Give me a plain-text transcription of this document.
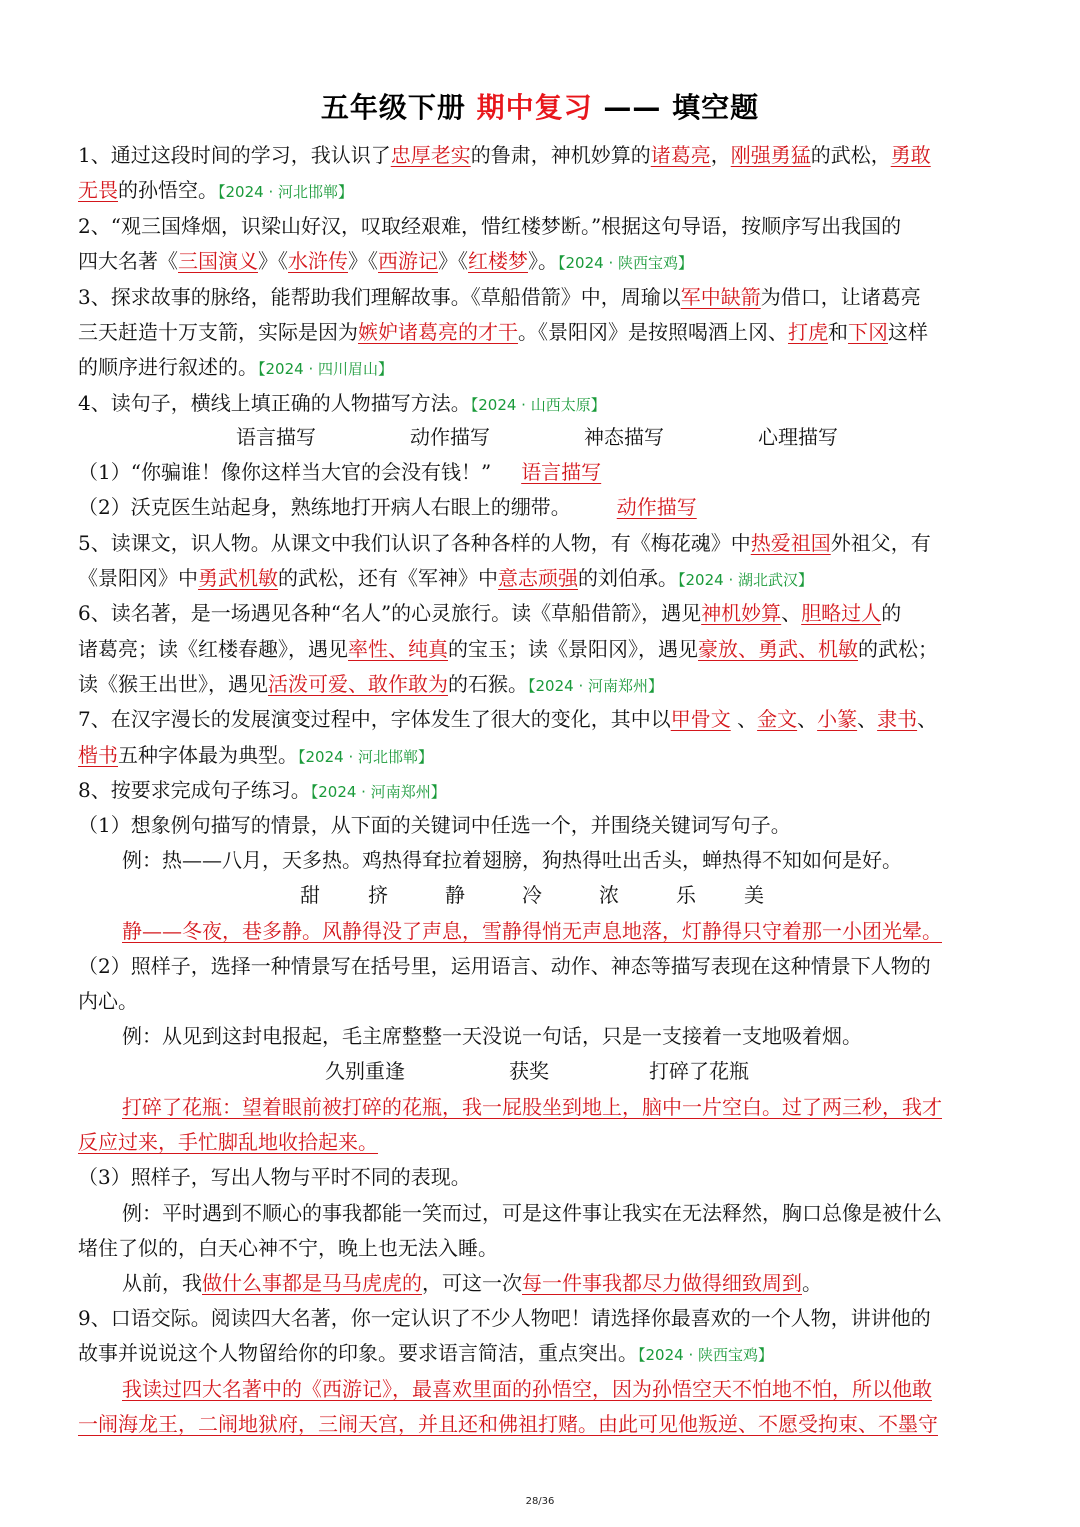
五年级下册 期中复习 —— 填空题
1、通过这段时间的学习，我认识了忠厚老实的鲁肃，神机妙算的诸葛亮，刚强勇猛的武松，勇敢
无畏的孙悟空。【2024 · 河北邯郸】
2、“观三国烽烟，识梁山好汉，叹取经艰难，惜红楼梦断。”根据这句导语，按顺序写出我国的
四大名著《三国演义》《水浒传》《西游记》《红楼梦》。【2024 · 陕西宝鸡】
3、探求故事的脉络，能帮助我们理解故事。《草船借箭》中，周瑜以军中缺箭为借口，让诸葛亮
三天赶造十万支箭，实际是因为嫉妒诸葛亮的才干。《景阳冈》是按照喝酒上冈、打虎和下冈这样
的顺序进行叙述的。【2024 · 四川眉山】
4、读句子，横线上填正确的人物描写方法。【2024 · 山西太原】
语言描写	动作描写	神态描写	心理描写
（1）“你骗谁！像你这样当大官的会没有钱！” 语言描写
（2）沃克医生站起身，熟练地打开病人右眼上的绷带。 动作描写
5、读课文，识人物。从课文中我们认识了各种各样的人物，有《梅花魂》中热爱祖国外祖父，有
《景阳冈》中勇武机敏的武松，还有《军神》中意志顽强的刘伯承。【2024 · 湖北武汉】
6、读名著，是一场遇见各种“名人”的心灵旅行。读《草船借箭》，遇见神机妙算、胆略过人的
诸葛亮；读《红楼春趣》，遇见率性、纯真的宝玉；读《景阳冈》，遇见豪放、勇武、机敏的武松；
读《猴王出世》，遇见活泼可爱、敢作敢为的石猴。【2024 · 河南郑州】
7、在汉字漫长的发展演变过程中，字体发生了很大的变化，其中以甲骨文 、金文、小篆、隶书、
楷书五种字体最为典型。【2024 · 河北邯郸】
8、按要求完成句子练习。【2024 · 河南郑州】
（1）想象例句描写的情景，从下面的关键词中任选一个，并围绕关键词写句子。
例：热——八月，天多热。鸡热得耷拉着翅膀，狗热得吐出舌头，蝉热得不知如何是好。
甜 挤	静	冷	浓	乐 美
静——冬夜，巷多静。风静得没了声息，雪静得悄无声息地落，灯静得只守着那一小团光晕。
（2）照样子，选择一种情景写在括号里，运用语言、动作、神态等描写表现在这种情景下人物的
内心。
例：从见到这封电报起，毛主席整整一天没说一句话，只是一支接着一支地吸着烟。
久别重逢	获奖	打碎了花瓶
打碎了花瓶：望着眼前被打碎的花瓶，我一屁股坐到地上，脑中一片空白。过了两三秒，我才
反应过来，手忙脚乱地收拾起来。
（3）照样子，写出人物与平时不同的表现。
例：平时遇到不顺心的事我都能一笑而过，可是这件事让我实在无法释然，胸口总像是被什么
堵住了似的，白天心神不宁，晚上也无法入睡。
从前，我做什么事都是马马虎虎的，可这一次每一件事我都尽力做得细致周到。
9、口语交际。阅读四大名著，你一定认识了不少人物吧！请选择你最喜欢的一个人物，讲讲他的
故事并说说这个人物留给你的印象。要求语言简洁，重点突出。【2024 · 陕西宝鸡】
我读过四大名著中的《西游记》，最喜欢里面的孙悟空，因为孙悟空天不怕地不怕，所以他敢
一闹海龙王，二闹地狱府，三闹天宫，并且还和佛祖打赌。由此可见他叛逆、不愿受拘束、不墨守
28/36
